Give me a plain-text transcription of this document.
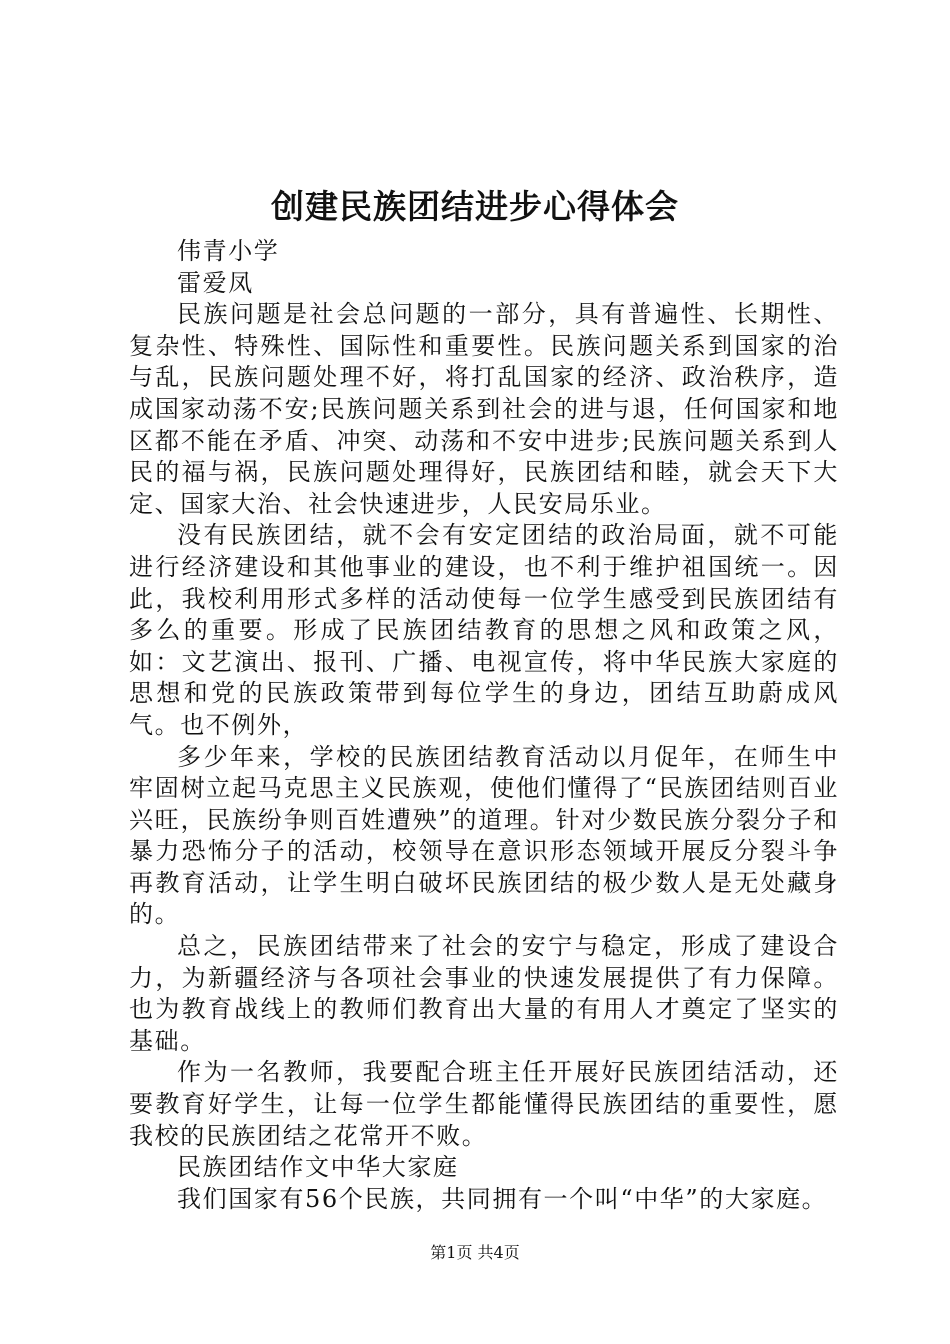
创建民族团结进步心得体会

伟青小学

雷爱凤

民族问题是社会总问题的一部分，具有普遍性、长期性、复杂性、特殊性、国际性和重要性。民族问题关系到国家的治与乱，民族问题处理不好，将打乱国家的经济、政治秩序，造成国家动荡不安;民族问题关系到社会的进与退，任何国家和地区都不能在矛盾、冲突、动荡和不安中进步;民族问题关系到人民的福与祸，民族问题处理得好，民族团结和睦，就会天下大定、国家大治、社会快速进步，人民安局乐业。

没有民族团结，就不会有安定团结的政治局面，就不可能进行经济建设和其他事业的建设，也不利于维护祖国统一。因此，我校利用形式多样的活动使每一位学生感受到民族团结有多么的重要。形成了民族团结教育的思想之风和政策之风，如：文艺演出、报刊、广播、电视宣传，将中华民族大家庭的思想和党的民族政策带到每位学生的身边，团结互助蔚成风气。也不例外，

多少年来，学校的民族团结教育活动以月促年，在师生中牢固树立起马克思主义民族观，使他们懂得了“民族团结则百业兴旺，民族纷争则百姓遭殃”的道理。针对少数民族分裂分子和暴力恐怖分子的活动，校领导在意识形态领域开展反分裂斗争再教育活动，让学生明白破坏民族团结的极少数人是无处藏身的。

总之，民族团结带来了社会的安宁与稳定，形成了建设合力，为新疆经济与各项社会事业的快速发展提供了有力保障。也为教育战线上的教师们教育出大量的有用人才奠定了坚实的基础。

作为一名教师，我要配合班主任开展好民族团结活动，还要教育好学生，让每一位学生都能懂得民族团结的重要性，愿我校的民族团结之花常开不败。

民族团结作文中华大家庭

我们国家有56个民族，共同拥有一个叫“中华”的大家庭。

第1页 共4页
